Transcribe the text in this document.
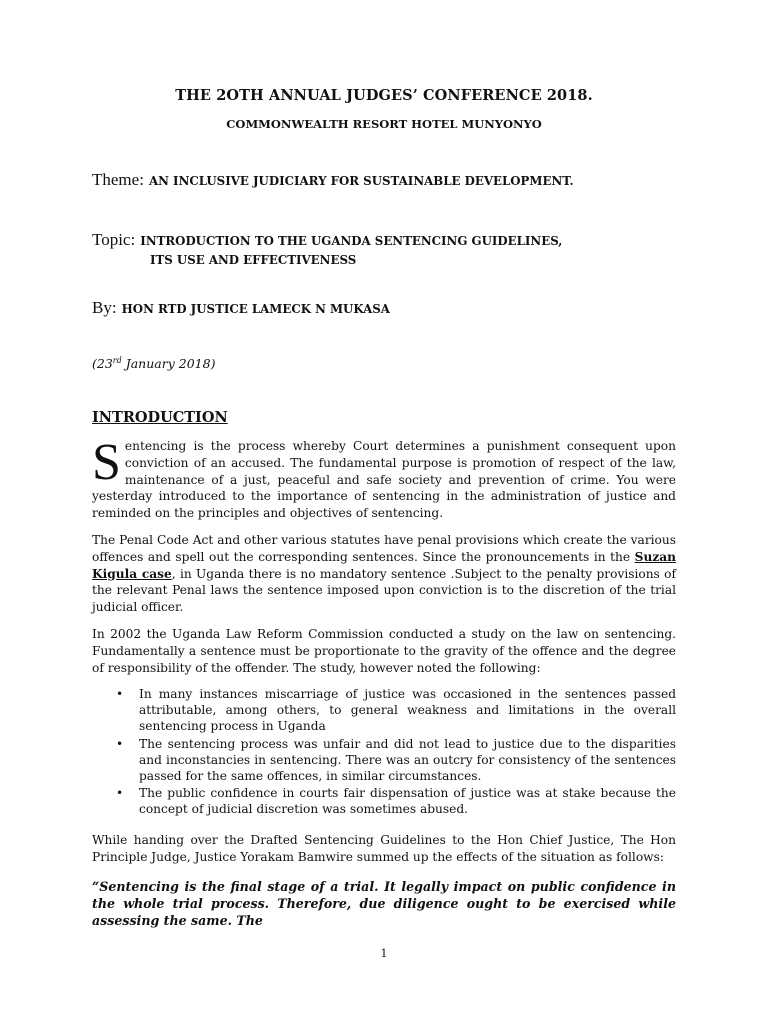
THE 2OTH ANNUAL JUDGES’ CONFERENCE 2018.
COMMONWEALTH RESORT HOTEL MUNYONYO
Theme: AN INCLUSIVE JUDICIARY FOR SUSTAINABLE DEVELOPMENT.
Topic: INTRODUCTION TO THE UGANDA SENTENCING GUIDELINES,
ITS USE AND EFFECTIVENESS
By: HON RTD JUSTICE LAMECK N MUKASA
(23rd January 2018)
INTRODUCTION
Sentencing is the process whereby Court determines a punishment consequent upon conviction of an accused. The fundamental purpose is promotion of respect of the law, maintenance of a just, peaceful and safe society and prevention of crime. You were yesterday introduced to the importance of sentencing in the administration of justice and reminded on the principles and objectives of sentencing.
The Penal Code Act and other various statutes have penal provisions which create the various offences and spell out the corresponding sentences. Since the pronouncements in the Suzan Kigula case, in Uganda there is no mandatory sentence .Subject to the penalty provisions of the relevant Penal laws the sentence imposed upon conviction is to the discretion of the trial judicial officer.
In 2002 the Uganda Law Reform Commission conducted a study on the law on sentencing. Fundamentally a sentence must be proportionate to the gravity of the offence and the degree of responsibility of the offender. The study, however noted the following:
• In many instances miscarriage of justice was occasioned in the sentences passed attributable, among others, to general weakness and limitations in the overall sentencing process in Uganda
• The sentencing process was unfair and did not lead to justice due to the disparities and inconstancies in sentencing. There was an outcry for consistency of the sentences passed for the same offences, in similar circumstances.
• The public confidence in courts fair dispensation of justice was at stake because the concept of judicial discretion was sometimes abused.
While handing over the Drafted Sentencing Guidelines to the Hon Chief Justice, The Hon Principle Judge, Justice Yorakam Bamwire summed up the effects of the situation as follows:
“Sentencing is the final stage of a trial. It legally impact on public confidence in the whole trial process. Therefore, due diligence ought to be exercised while assessing the same. The
1
